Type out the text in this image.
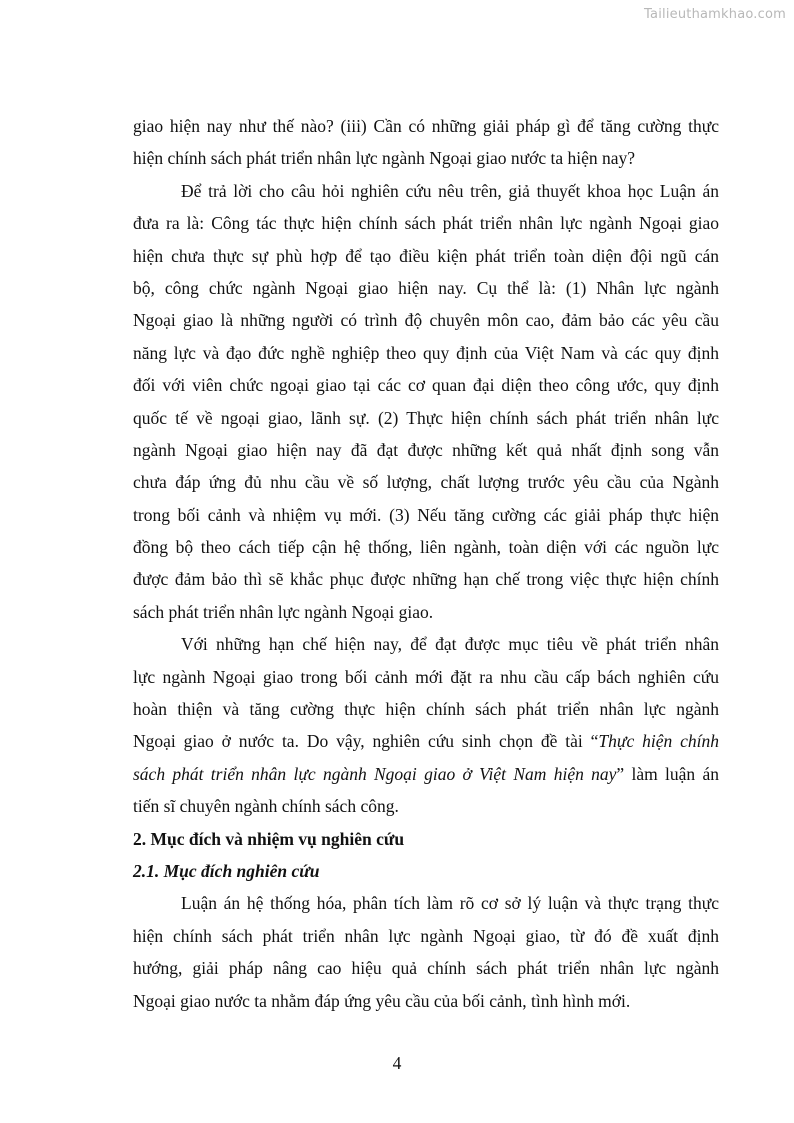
Tailieuthamkhao.com
giao hiện nay như thế nào? (iii) Cần có những giải pháp gì để tăng cường thực
hiện chính sách phát triển nhân lực ngành Ngoại giao nước ta hiện nay?
Để trả lời cho câu hỏi nghiên cứu nêu trên, giả thuyết khoa học Luận án
đưa ra là: Công tác thực hiện chính sách phát triển nhân lực ngành Ngoại giao
hiện chưa thực sự phù hợp để tạo điều kiện phát triển toàn diện đội ngũ cán
bộ, công chức ngành Ngoại giao hiện nay. Cụ thể là: (1) Nhân lực ngành
Ngoại giao là những người có trình độ chuyên môn cao, đảm bảo các yêu cầu
năng lực và đạo đức nghề nghiệp theo quy định của Việt Nam và các quy định
đối với viên chức ngoại giao tại các cơ quan đại diện theo công ước, quy định
quốc tế về ngoại giao, lãnh sự. (2) Thực hiện chính sách phát triển nhân lực
ngành Ngoại giao hiện nay đã đạt được những kết quả nhất định song vẫn
chưa đáp ứng đủ nhu cầu về số lượng, chất lượng trước yêu cầu của Ngành
trong bối cảnh và nhiệm vụ mới. (3) Nếu tăng cường các giải pháp thực hiện
đồng bộ theo cách tiếp cận hệ thống, liên ngành, toàn diện với các nguồn lực
được đảm bảo thì sẽ khắc phục được những hạn chế trong việc thực hiện chính
sách phát triển nhân lực ngành Ngoại giao.
Với những hạn chế hiện nay, để đạt được mục tiêu về phát triển nhân
lực ngành Ngoại giao trong bối cảnh mới đặt ra nhu cầu cấp bách nghiên cứu
hoàn thiện và tăng cường thực hiện chính sách phát triển nhân lực ngành
Ngoại giao ở nước ta. Do vậy, nghiên cứu sinh chọn đề tài “Thực hiện chính
sách phát triển nhân lực ngành Ngoại giao ở Việt Nam hiện nay” làm luận án
tiến sĩ chuyên ngành chính sách công.
2. Mục đích và nhiệm vụ nghiên cứu
2.1. Mục đích nghiên cứu
Luận án hệ thống hóa, phân tích làm rõ cơ sở lý luận và thực trạng thực
hiện chính sách phát triển nhân lực ngành Ngoại giao, từ đó đề xuất định
hướng, giải pháp nâng cao hiệu quả chính sách phát triển nhân lực ngành
Ngoại giao nước ta nhằm đáp ứng yêu cầu của bối cảnh, tình hình mới.
4
